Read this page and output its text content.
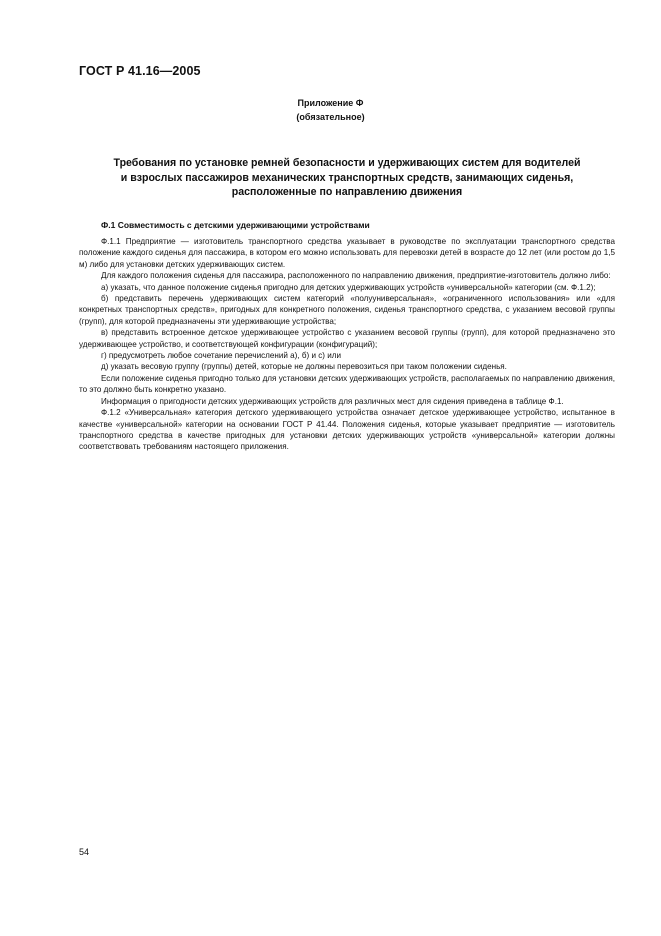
ГОСТ Р 41.16—2005
Приложение Ф
(обязательное)
Требования по установке ремней безопасности и удерживающих систем для водителей
и взрослых пассажиров механических транспортных средств, занимающих сиденья,
расположенные по направлению движения
Ф.1 Совместимость с детскими удерживающими устройствами

Ф.1.1 Предприятие — изготовитель транспортного средства указывает в руководстве по эксплуатации транспортного средства положение каждого сиденья для пассажира, в котором его можно использовать для перевозки детей в возрасте до 12 лет (или ростом до 1,5 м) либо для установки детских удерживающих систем.

Для каждого положения сиденья для пассажира, расположенного по направлению движения, предприятие-изготовитель должно либо:

а) указать, что данное положение сиденья пригодно для детских удерживающих устройств «универсальной» категории (см. Ф.1.2);

б) представить перечень удерживающих систем категорий «полууниверсальная», «ограниченного использования» или «для конкретных транспортных средств», пригодных для конкретного положения, сиденья транспортного средства, с указанием весовой группы (групп), для которой предназначены эти удерживающие устройства;

в) представить встроенное детское удерживающее устройство с указанием весовой группы (групп), для которой предназначено это удерживающее устройство, и соответствующей конфигурации (конфигураций);

г) предусмотреть любое сочетание перечислений а), б) и с) или

д) указать весовую группу (группы) детей, которые не должны перевозиться при таком положении сиденья.

Если положение сиденья пригодно только для установки детских удерживающих устройств, располагаемых по направлению движения, то это должно быть конкретно указано.

Информация о пригодности детских удерживающих устройств для различных мест для сидения приведена в таблице Ф.1.

Ф.1.2 «Универсальная» категория детского удерживающего устройства означает детское удерживающее устройство, испытанное в качестве «универсальной» категории на основании ГОСТ Р 41.44. Положения сиденья, которые указывает предприятие — изготовитель транспортного средства в качестве пригодных для установки детских удерживающих устройств «универсальной» категории должны соответствовать требованиям настоящего приложения.

54
